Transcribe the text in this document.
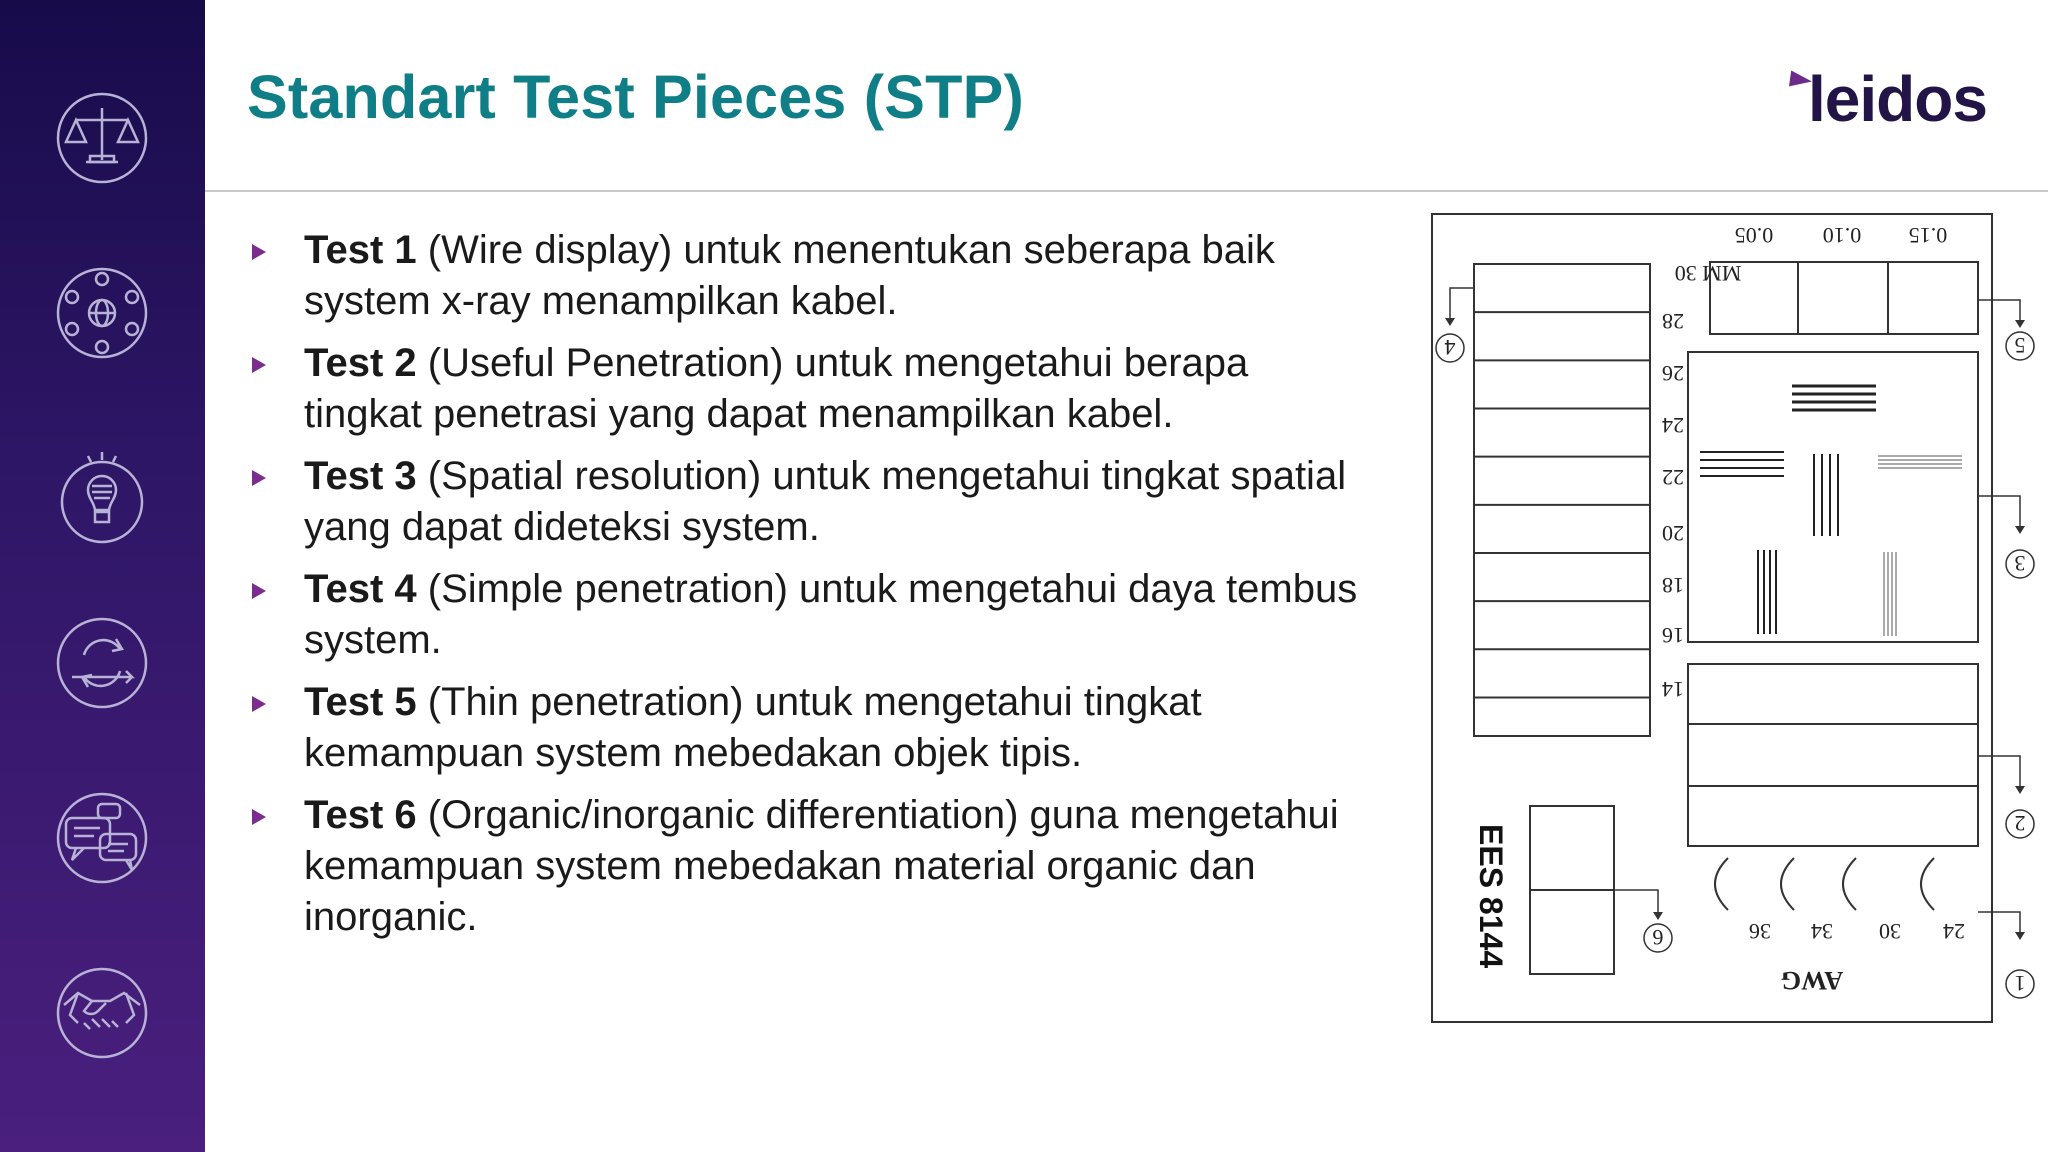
Standart Test Pieces (STP)	leidos
Test 1 (Wire display) untuk menentukan seberapa baik system x-ray menampilkan kabel.
Test 2 (Useful Penetration) untuk mengetahui berapa tingkat penetrasi yang dapat menampilkan kabel.
Test 3 (Spatial resolution) untuk mengetahui tingkat spatial yang dapat dideteksi system.
Test 4 (Simple penetration) untuk mengetahui daya tembus system.
Test 5 (Thin penetration) untuk mengetahui tingkat kemampuan system mebedakan objek tipis.
Test 6 (Organic/inorganic differentiation) guna mengetahui kemampuan system mebedakan material organic dan inorganic.
4	5
3
2
1
6
0.05 0.10 0.15
MM 30
28
26
24
22
20
18
16
14
36 34 30 24
AWG
EES 8144
